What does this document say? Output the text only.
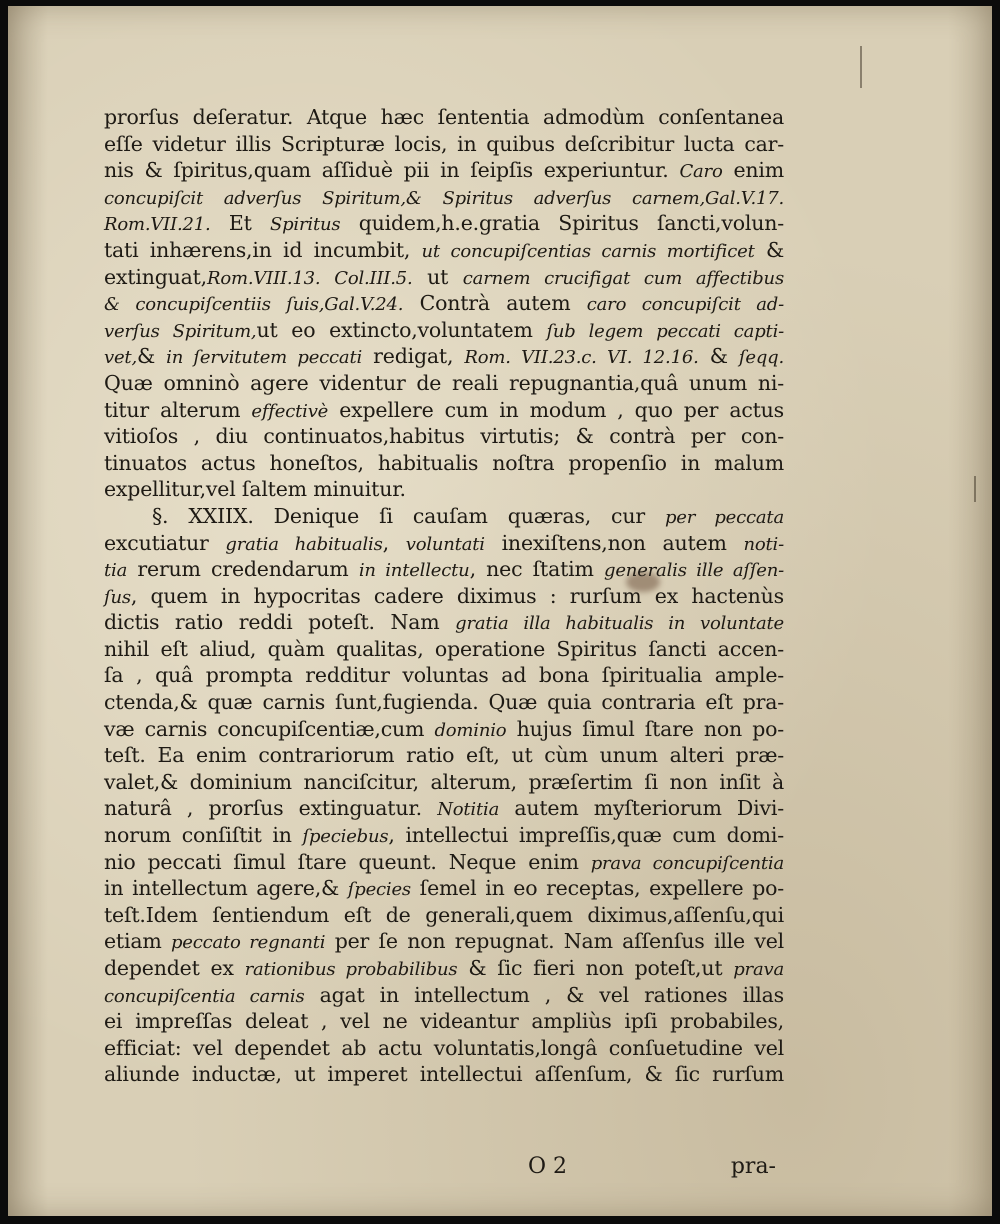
prorſus deſeratur. Atque hæc ſententia admodùm conſentanea
eſſe videtur illis Scripturæ locis, in quibus deſcribitur lucta car-
nis & ſpiritus,quam aſſiduè pii in ſeipſis experiuntur. Caro enim
concupiſcit adverſus Spiritum,& Spiritus adverſus carnem,Gal.V.17.
Rom.VII.21. Et Spiritus quidem,h.e.gratia Spiritus ſancti,volun-
tati inhærens,in id incumbit, ut concupiſcentias carnis mortificet &
extinguat,Rom.VIII.13. Col.III.5. ut carnem crucifigat cum affectibus
& concupiſcentiis ſuis,Gal.V.24. Contrà autem caro concupiſcit ad-
verſus Spiritum,ut eo extincto,voluntatem ſub legem peccati capti-
vet,& in ſervitutem peccati redigat, Rom. VII.23.c. VI. 12.16. & ſeqq.
Quæ omninò agere videntur de reali repugnantia,quâ unum ni-
titur alterum effectivè expellere cum in modum , quo per actus
vitioſos , diu continuatos,habitus virtutis; & contrà per con-
tinuatos actus honeſtos, habitualis noſtra propenſio in malum
expellitur,vel ſaltem minuitur.
§. XXIIX. Denique ſi cauſam quæras, cur per peccata
excutiatur gratia habitualis, voluntati inexiſtens,non autem noti-
tia rerum credendarum in intellectu, nec ſtatim generalis ille aſſen-
ſus, quem in hypocritas cadere diximus : rurſum ex hactenùs
dictis ratio reddi poteſt. Nam gratia illa habitualis in voluntate
nihil eſt aliud, quàm qualitas, operatione Spiritus ſancti accen-
ſa , quâ prompta redditur voluntas ad bona ſpiritualia ample-
ctenda,& quæ carnis ſunt,fugienda. Quæ quia contraria eſt pra-
væ carnis concupiſcentiæ,cum dominio hujus ſimul ſtare non po-
teſt. Ea enim contrariorum ratio eſt, ut cùm unum alteri præ-
valet,& dominium nanciſcitur, alterum, præſertim ſi non inſit à
naturâ , prorſus extinguatur. Notitia autem myſteriorum Divi-
norum conſiſtit in ſpeciebus, intellectui impreſſis,quæ cum domi-
nio peccati ſimul ſtare queunt. Neque enim prava concupiſcentia
in intellectum agere,& ſpecies ſemel in eo receptas, expellere po-
teſt.Idem ſentiendum eſt de generali,quem diximus,aſſenſu,qui
etiam peccato regnanti per ſe non repugnat. Nam aſſenſus ille vel
dependet ex rationibus probabilibus & ſic fieri non poteſt,ut prava
concupiſcentia carnis agat in intellectum , & vel rationes illas
ei impreſſas deleat , vel ne videantur ampliùs ipſi probabiles,
efficiat: vel dependet ab actu voluntatis,longâ conſuetudine vel
aliunde inductæ, ut imperet intellectui aſſenſum, & ſic rurſum
O 2	pra-
